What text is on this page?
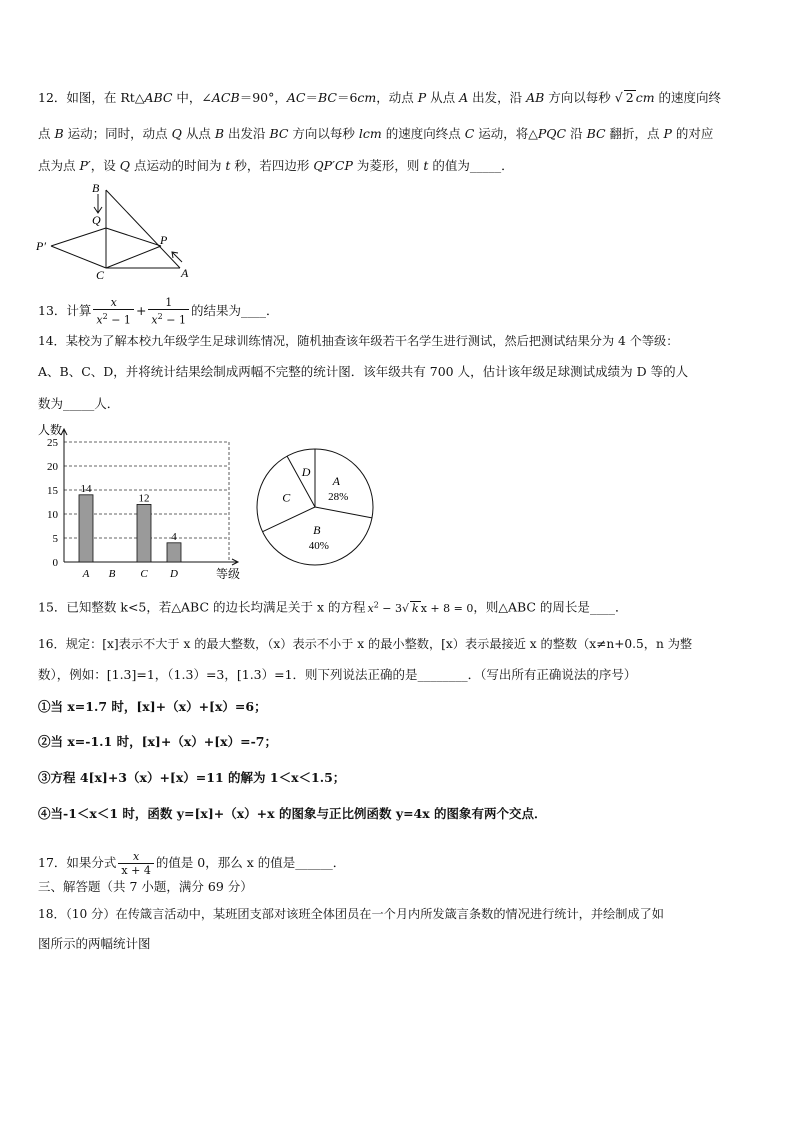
12．如图，在 Rt△ABC 中，∠ACB＝90°，AC＝BC＝6cm，动点 P 从点 A 出发，沿 AB 方向以每秒 √ 2 cm 的速度向终
点 B 运动；同时，动点 Q 从点 B 出发沿 BC 方向以每秒 lcm 的速度向终点 C 运动，将△PQC 沿 BC 翻折，点 P 的对应
点为点 P′，设 Q 点运动的时间为 t 秒，若四边形 QP′CP 为菱形，则 t 的值为_____．
B
Q
P′	P
C	A
13．计算 $\frac{x}{x^2 - 1} + \frac{1}{x^2 - 1}$ 的结果为____．
14．某校为了解本校九年级学生足球训练情况，随机抽查该年级若干名学生进行测试，然后把测试结果分为 4 个等级：
A、B、C、D，并将统计结果绘制成两幅不完整的统计图．该年级共有 700 人，估计该年级足球测试成绩为 D 等的人
数为_____人．
0
5
10
15
20
25
人数
等级
A
14
B C
12
D
4
A
28%
B
40%
C
D
15．已知整数 k<5，若△ABC 的边长均满足关于 x 的方程 $x^2 - 3√$ k x + 8 = 0，则△ABC 的周长是____．
16．规定：[x]表示不大于 x 的最大整数，（x）表示不小于 x 的最小整数，[x）表示最接近 x 的整数（x≠n+0.5，n 为整
数），例如：[1.3]=1，（1.3）=3，[1.3）=1．则下列说法正确的是________．（写出所有正确说法的序号）
①当 x=1.7 时，[x]+（x）+[x）=6；
②当 x=-1.1 时，[x]+（x）+[x）=-7；
③方程 4[x]+3（x）+[x）=11 的解为 1＜x＜1.5；
④当-1＜x＜1 时，函数 y=[x]+（x）+x 的图象与正比例函数 y=4x 的图象有两个交点．
17．如果分式 $\frac{x}{x + 4}$ 的值是 0，那么 x 的值是______．
三、解答题（共 7 小题，满分 69 分）
18．（10 分）在传箴言活动中，某班团支部对该班全体团员在一个月内所发箴言条数的情况进行统计，并绘制成了如
图所示的两幅统计图
